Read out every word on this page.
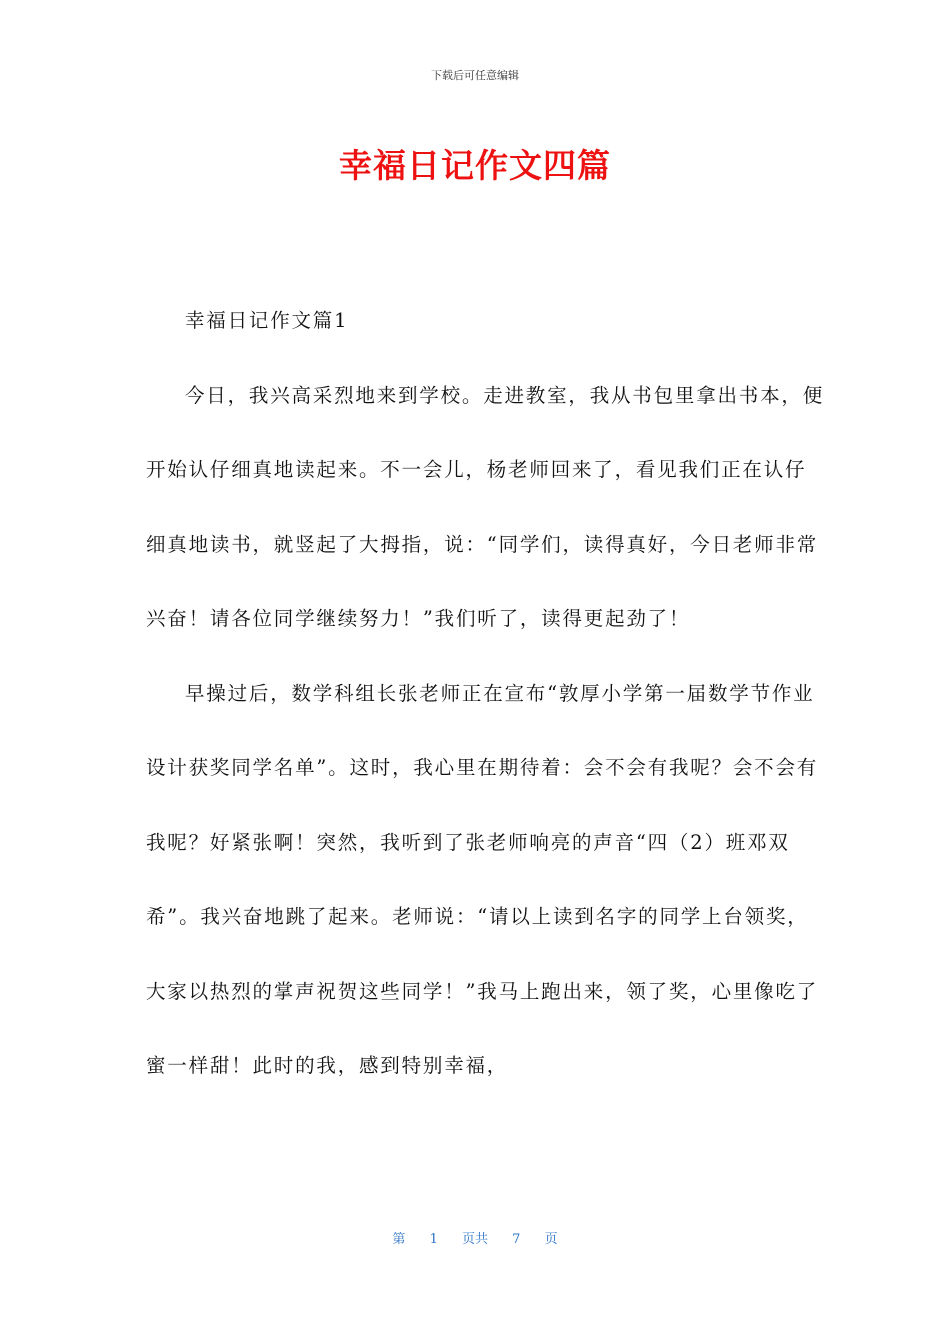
下载后可任意编辑
幸福日记作文四篇

幸福日记作文篇1

今日，我兴高采烈地来到学校。走进教室，我从书包里拿出书本，便开始认仔细真地读起来。不一会儿，杨老师回来了，看见我们正在认仔细真地读书，就竖起了大拇指，说：“同学们，读得真好，今日老师非常兴奋！请各位同学继续努力！”我们听了，读得更起劲了！

早操过后，数学科组长张老师正在宣布“敦厚小学第一届数学节作业设计获奖同学名单”。这时，我心里在期待着：会不会有我呢？会不会有我呢？好紧张啊！突然，我听到了张老师响亮的声音“四（2）班邓双希”。我兴奋地跳了起来。老师说：“请以上读到名字的同学上台领奖，大家以热烈的掌声祝贺这些同学！”我马上跑出来，领了奖，心里像吃了蜜一样甜！此时的我，感到特别幸福，

第 1 页共 7 页
